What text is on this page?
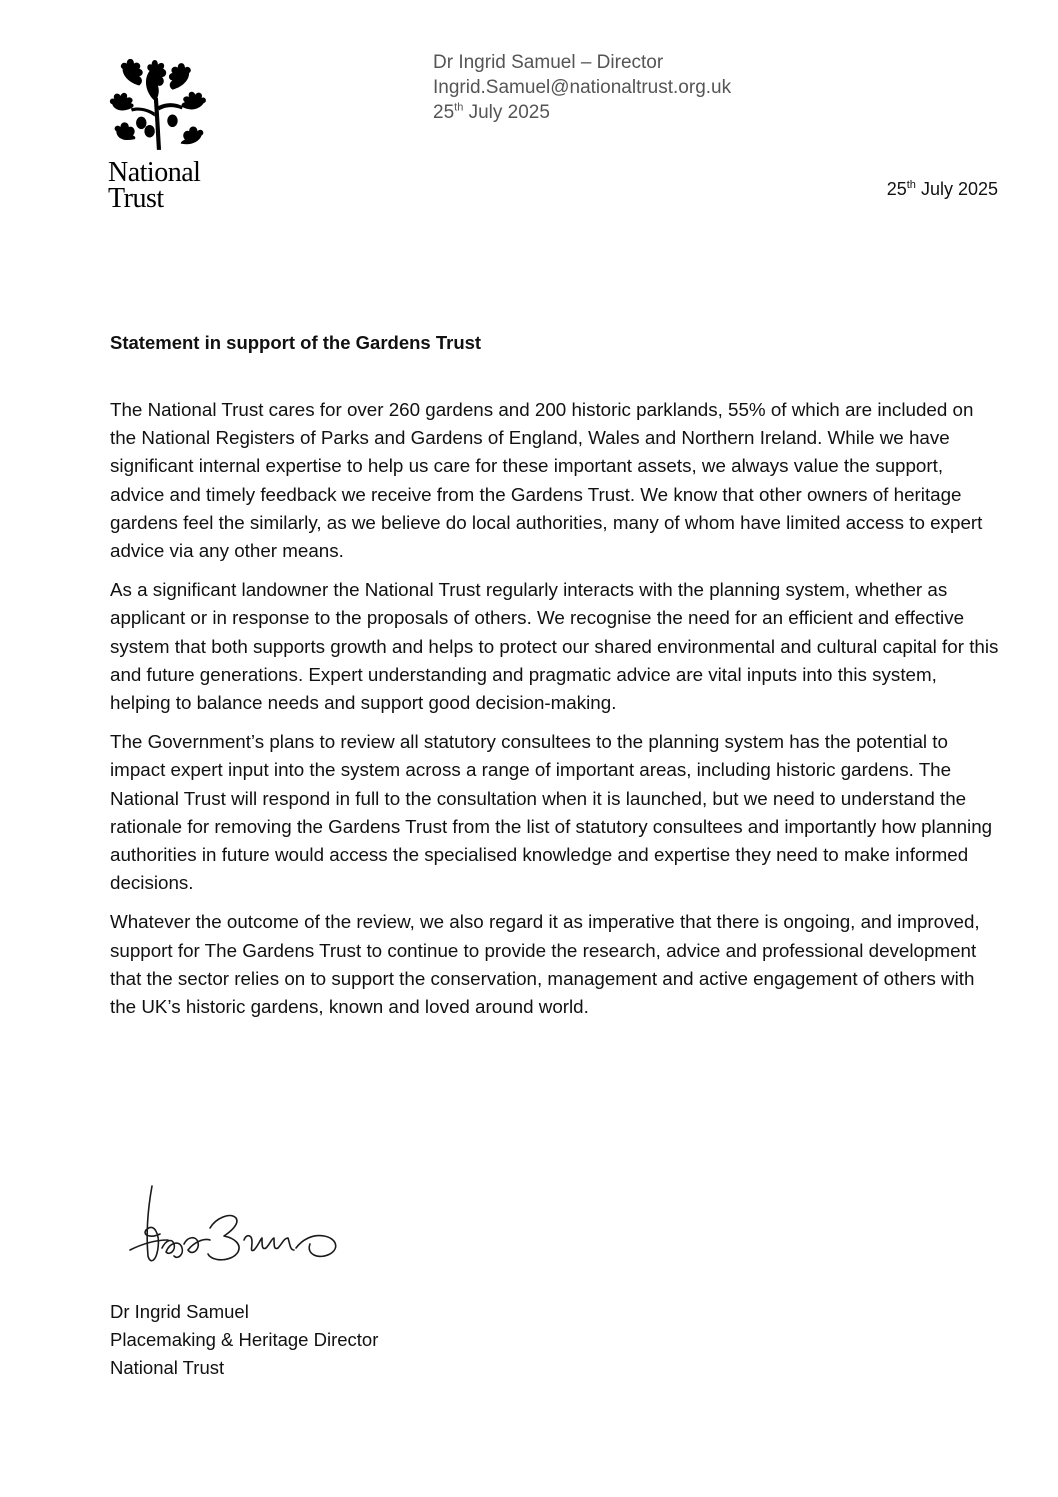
National
Trust
Dr Ingrid Samuel – Director
Ingrid.Samuel@nationaltrust.org.uk
25th July 2025
25th July 2025
Statement in support of the Gardens Trust

The National Trust cares for over 260 gardens and 200 historic parklands, 55% of which are included on the National Registers of Parks and Gardens of England, Wales and Northern Ireland. While we have significant internal expertise to help us care for these important assets, we always value the support, advice and timely feedback we receive from the Gardens Trust. We know that other owners of heritage gardens feel the similarly, as we believe do local authorities, many of whom have limited access to expert advice via any other means.

As a significant landowner the National Trust regularly interacts with the planning system, whether as applicant or in response to the proposals of others. We recognise the need for an efficient and effective system that both supports growth and helps to protect our shared environmental and cultural capital for this and future generations. Expert understanding and pragmatic advice are vital inputs into this system, helping to balance needs and support good decision-making.

The Government’s plans to review all statutory consultees to the planning system has the potential to impact expert input into the system across a range of important areas, including historic gardens. The National Trust will respond in full to the consultation when it is launched, but we need to understand the rationale for removing the Gardens Trust from the list of statutory consultees and importantly how planning authorities in future would access the specialised knowledge and expertise they need to make informed decisions.

Whatever the outcome of the review, we also regard it as imperative that there is ongoing, and improved, support for The Gardens Trust to continue to provide the research, advice and professional development that the sector relies on to support the conservation, management and active engagement of others with the UK’s historic gardens, known and loved around world.

Dr Ingrid Samuel
Placemaking & Heritage Director
National Trust
